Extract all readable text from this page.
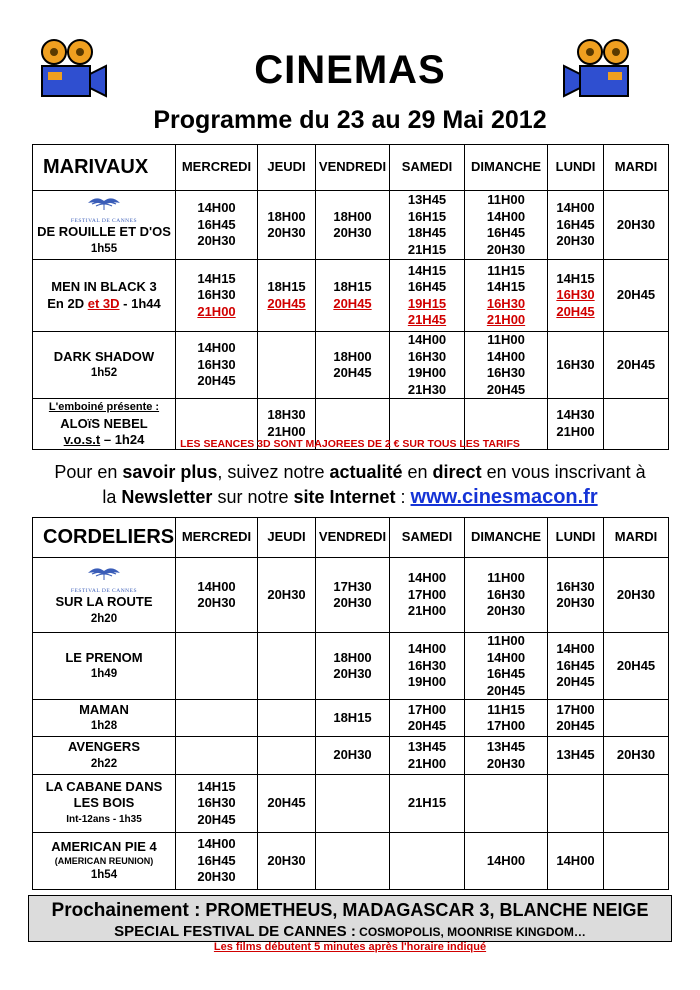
CINEMAS
Programme du 23 au 29 Mai 2012
MARIVAUX	MERCREDI	JEUDI	VENDREDI	SAMEDI	DIMANCHE	LUNDI	MARDI

FESTIVAL DE CANNES
DE ROUILLE ET D'OS
1h55	14H00
16H45
20H30	18H00
20H30	18H00
20H30	13H45
16H15
18H45
21H15	11H00
14H00
16H45
20H30	14H00
16H45
20H30	20H30

MEN IN BLACK 3
En 2D et 3D - 1h44	14H15
16H30
21H00	18H15
20H45	18H15
20H45	14H15
16H45
19H15
21H45	11H15
14H15
16H30
21H00	14H15
16H30
20H45	20H45

DARK SHADOW
1h52	14H00
16H30
20H45		18H00
20H45	14H00
16H30
19H00
21H30	11H00
14H00
16H30
20H45	16H30	20H45

L'emboiné présente :
ALOïS NEBEL
v.o.s.t – 1h24		18H30
21H00				14H30
21H00	

LES SEANCES 3D SONT MAJOREES DE 2 € SUR TOUS LES TARIFS
Pour en savoir plus, suivez notre actualité en direct en vous inscrivant à
la Newsletter sur notre site Internet : www.cinesmacon.fr
CORDELIERS	MERCREDI	JEUDI	VENDREDI	SAMEDI	DIMANCHE	LUNDI	MARDI

FESTIVAL DE CANNES
SUR LA ROUTE
2h20	14H00
20H30	20H30	17H30
20H30	14H00
17H00
21H00	11H00
16H30
20H30	16H30
20H30	20H30

LE PRENOM
1h49			18H00
20H30	14H00
16H30
19H00	11H00
14H00
16H45
20H45	14H00
16H45
20H45	20H45

MAMAN
1h28			18H15	17H00
20H45	11H15
17H00	17H00
20H45	

AVENGERS
2h22			20H30	13H45
21H00	13H45
20H30	13H45	20H30

LA CABANE DANS LES BOIS
Int-12ans - 1h35	14H15
16H30
20H45	20H45		21H15			

AMERICAN PIE 4
(AMERICAN REUNION)
1h54	14H00
16H45
20H30	20H30			14H00	14H00	

Prochainement : PROMETHEUS, MADAGASCAR 3, BLANCHE NEIGE
SPECIAL FESTIVAL DE CANNES : COSMOPOLIS, MOONRISE KINGDOM…
Les films débutent 5 minutes après l'horaire indiqué
